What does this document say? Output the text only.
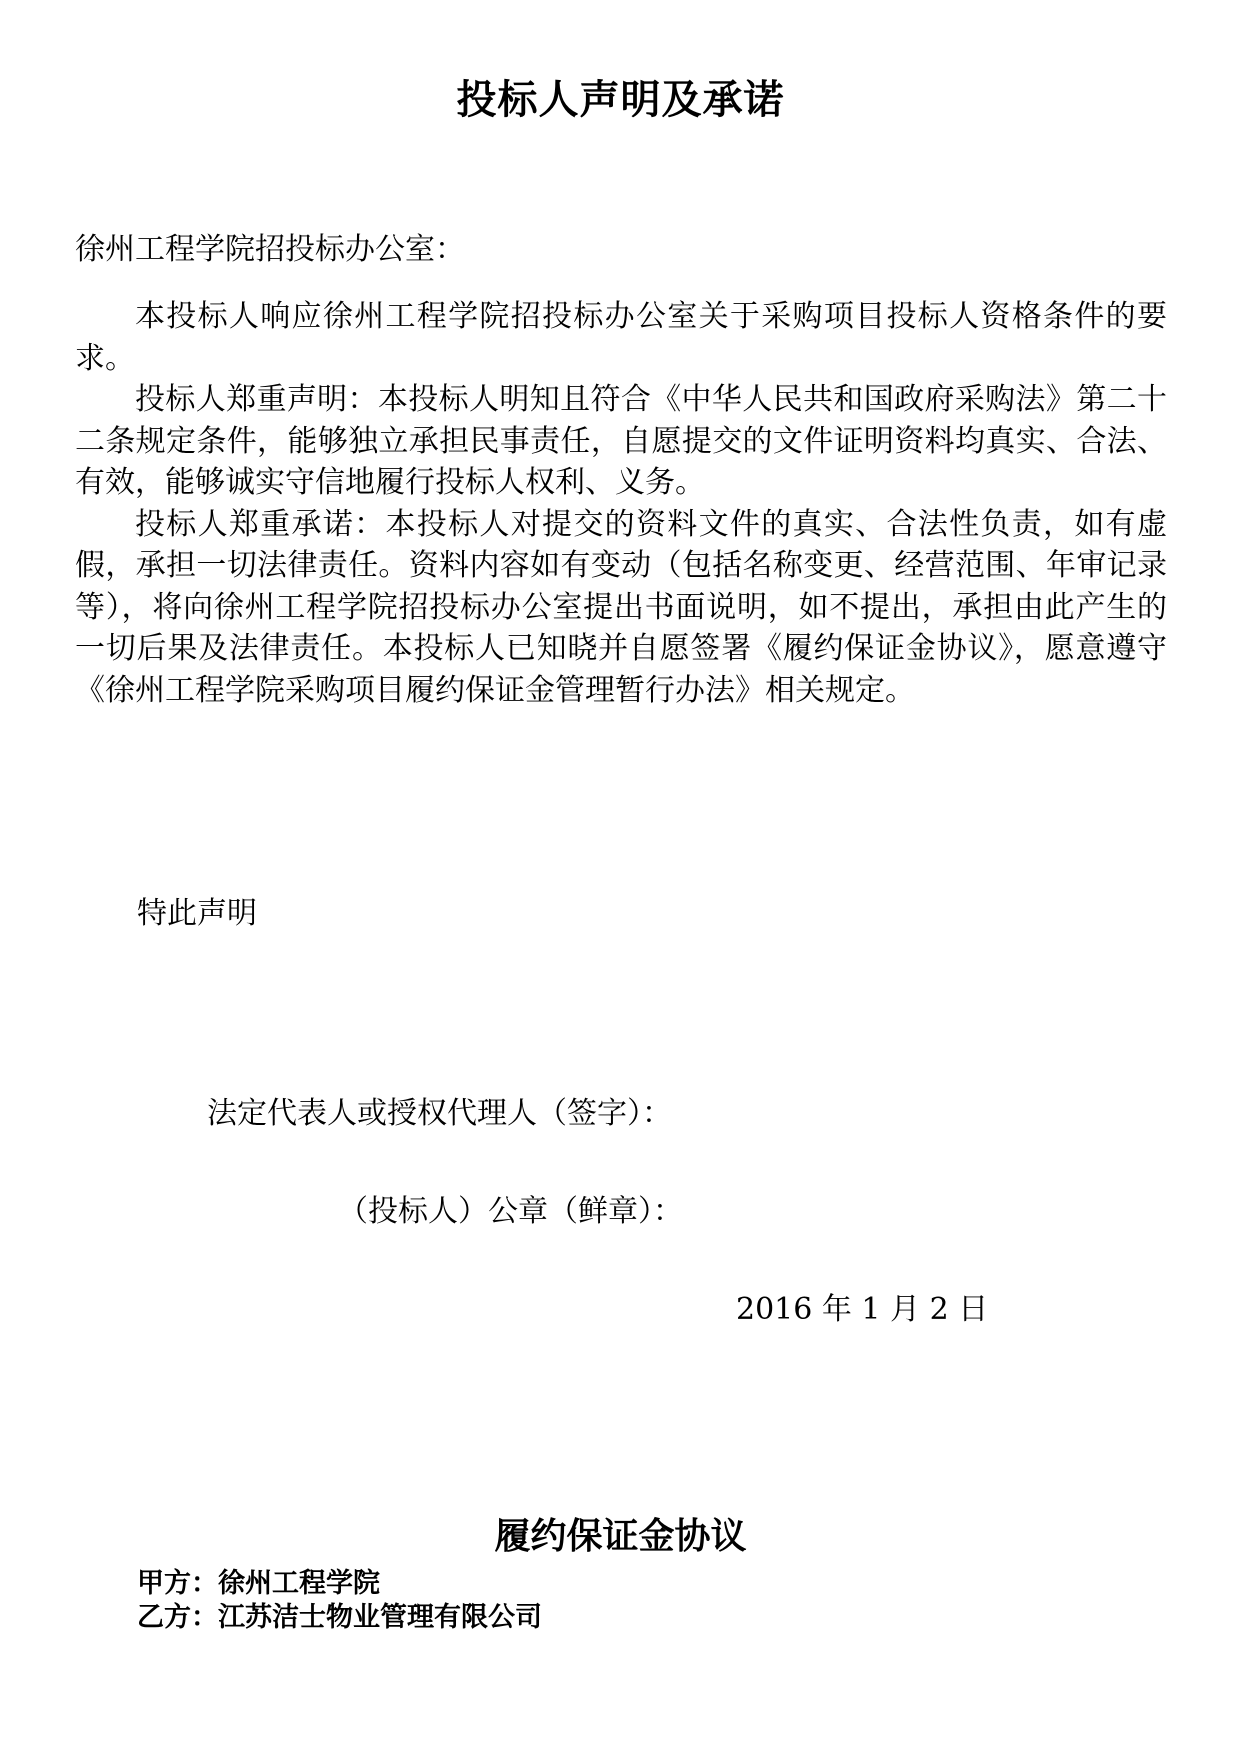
投标人声明及承诺
徐州工程学院招投标办公室：

本投标人响应徐州工程学院招投标办公室关于采购项目投标人资格条件的要求。

投标人郑重声明：本投标人明知且符合《中华人民共和国政府采购法》第二十二条规定条件，能够独立承担民事责任，自愿提交的文件证明资料均真实、合法、有效，能够诚实守信地履行投标人权利、义务。

投标人郑重承诺：本投标人对提交的资料文件的真实、合法性负责，如有虚假，承担一切法律责任。资料内容如有变动（包括名称变更、经营范围、年审记录等），将向徐州工程学院招投标办公室提出书面说明，如不提出，承担由此产生的一切后果及法律责任。本投标人已知晓并自愿签署《履约保证金协议》，愿意遵守《徐州工程学院采购项目履约保证金管理暂行办法》相关规定。

特此声明
法定代表人或授权代理人（签字）：
（投标人）公章（鲜章）：
2016 年 1 月 2 日
履约保证金协议
甲方：徐州工程学院
乙方：江苏洁士物业管理有限公司
